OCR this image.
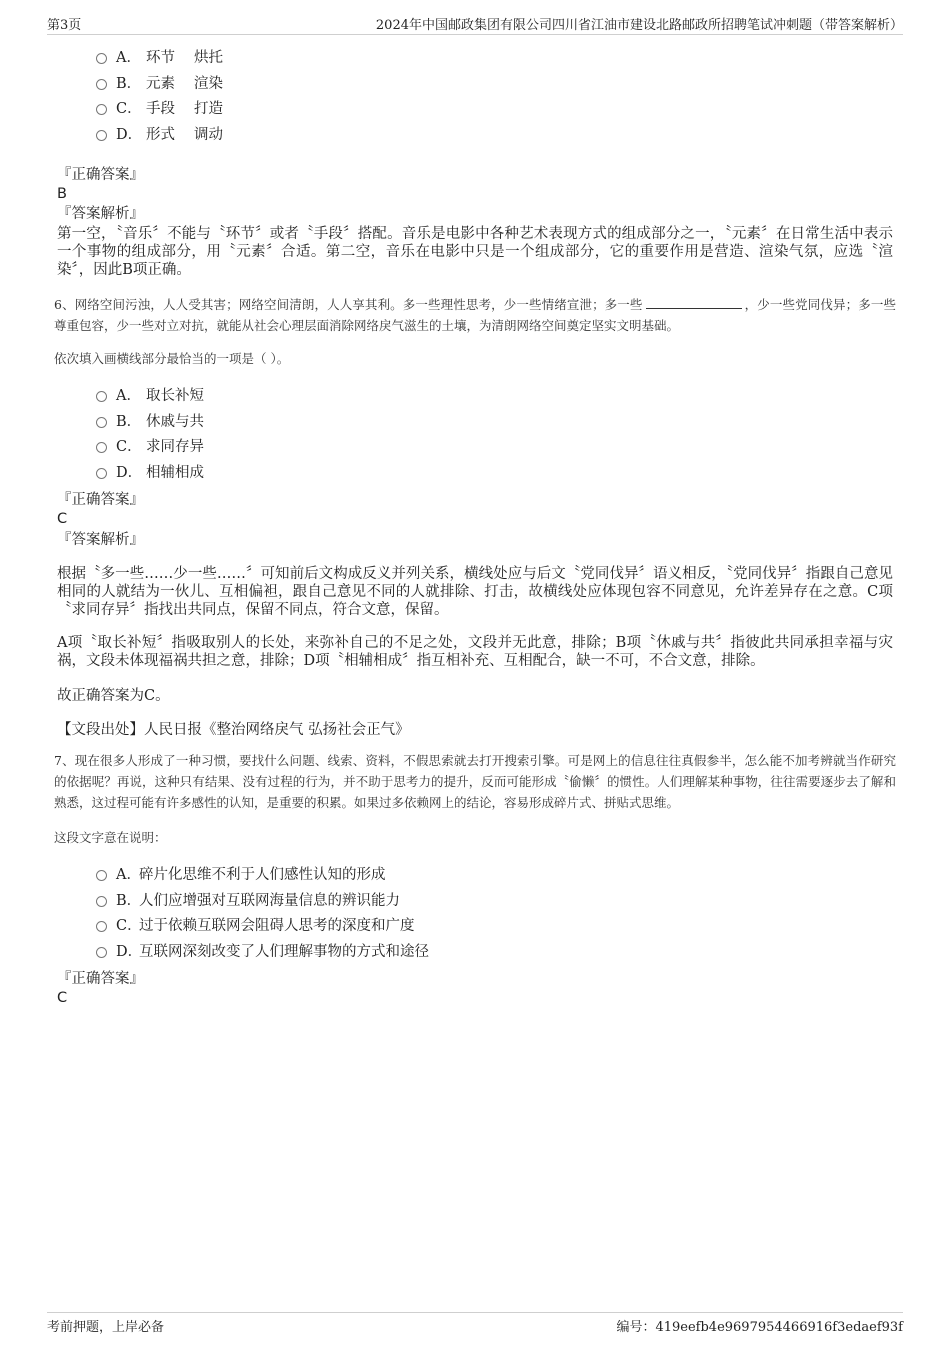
第3页	2024年中国邮政集团有限公司四川省江油市建设北路邮政所招聘笔试冲刺题（带答案解析）
A． 环节 烘托
B． 元素 渲染
C． 手段 打造
D． 形式 调动
『正确答案』
B
『答案解析』
第一空，〝音乐〞不能与〝环节〞或者〝手段〞搭配。音乐是电影中各种艺术表现方式的组成部分之一，〝元素〞在日常生活中表示一个事物的组成部分，用〝元素〞合适。第二空，音乐在电影中只是一个组成部分，它的重要作用是营造、渲染气氛，应选〝渲染〞，因此B项正确。
6、网络空间污浊，人人受其害；网络空间清朗，人人享其利。多一些理性思考，少一些情绪宣泄；多一些	，少一些党同伐异；多一些尊重包容，少一些对立对抗，就能从社会心理层面消除网络戾气滋生的土壤，为清朗网络空间奠定坚实文明基础。
依次填入画横线部分最恰当的一项是（ ）。
A． 取长补短
B． 休戚与共
C． 求同存异
D． 相辅相成
『正确答案』
C
『答案解析』
根据〝多一些……少一些……〞可知前后文构成反义并列关系，横线处应与后文〝党同伐异〞语义相反，〝党同伐异〞指跟自己意见相同的人就结为一伙儿、互相偏袒，跟自己意见不同的人就排除、打击，故横线处应体现包容不同意见，允许差异存在之意。C项〝求同存异〞指找出共同点，保留不同点，符合文意，保留。
A项〝取长补短〞指吸取别人的长处，来弥补自己的不足之处，文段并无此意，排除；B项〝休戚与共〞指彼此共同承担幸福与灾祸，文段未体现福祸共担之意，排除；D项〝相辅相成〞指互相补充、互相配合，缺一不可，不合文意，排除。
故正确答案为C。
【文段出处】人民日报《整治网络戾气 弘扬社会正气》
7、现在很多人形成了一种习惯，要找什么问题、线索、资料，不假思索就去打开搜索引擎。可是网上的信息往往真假参半，怎么能不加考辨就当作研究的依据呢？再说，这种只有结果、没有过程的行为，并不助于思考力的提升，反而可能形成〝偷懒〞的惯性。人们理解某种事物，往往需要逐步去了解和熟悉，这过程可能有许多感性的认知，是重要的积累。如果过多依赖网上的结论，容易形成碎片式、拼贴式思维。
这段文字意在说明：
A．
碎片化思维不利于人们感性认知的形成
B．
人们应增强对互联网海量信息的辨识能力
C．
过于依赖互联网会阻碍人思考的深度和广度
D．
互联网深刻改变了人们理解事物的方式和途径
『正确答案』
C
考前押题，上岸必备	编号：419eefb4e9697954466916f3edaef93f
